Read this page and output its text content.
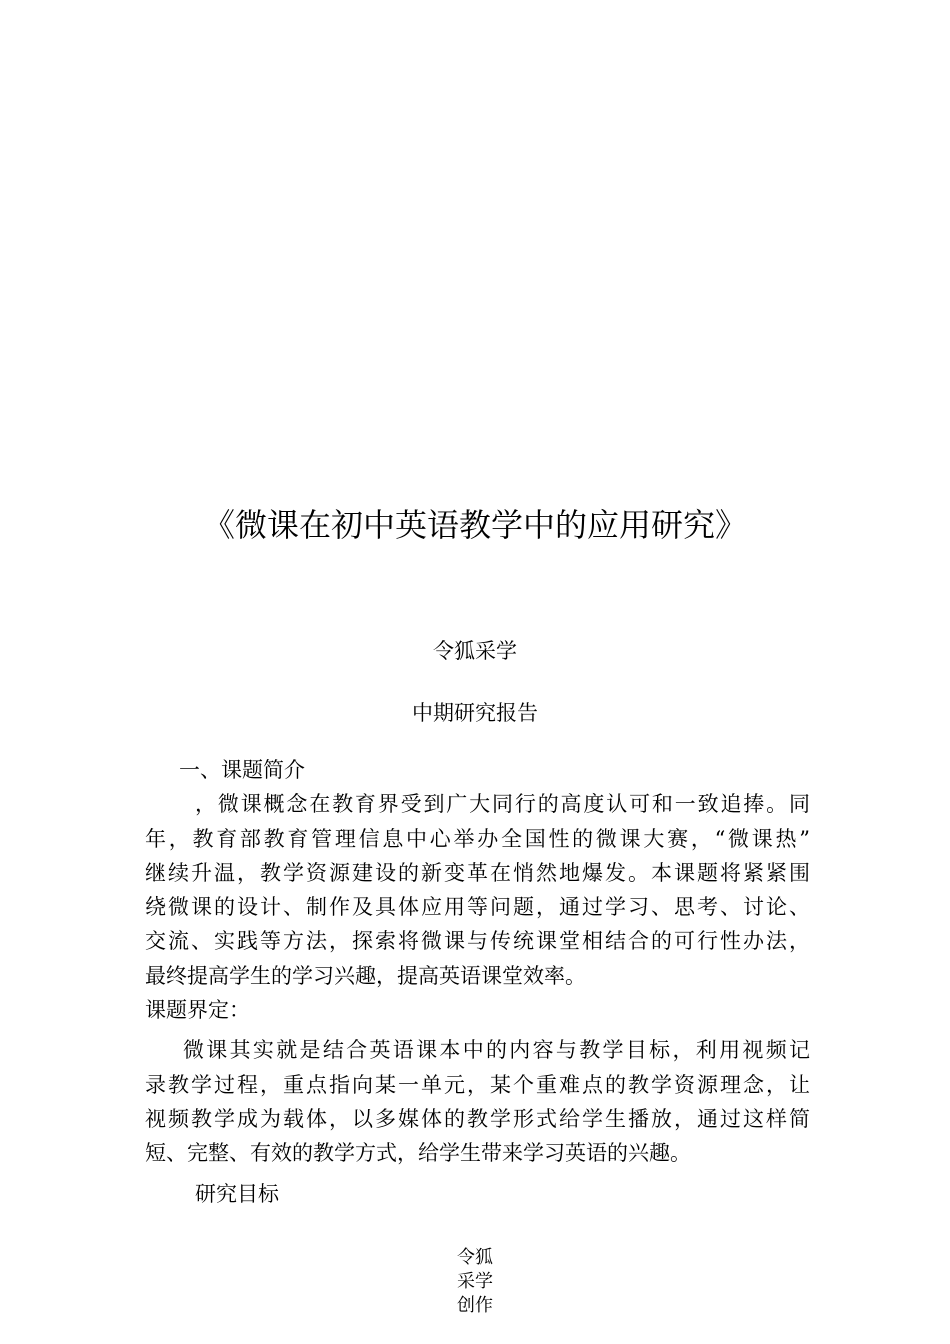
《微课在初中英语教学中的应用研究》
令狐采学
中期研究报告
一、课题简介
，微课概念在教育界受到广大同行的高度认可和一致追捧。同
年，教育部教育管理信息中心举办全国性的微课大赛，“微课热”
继续升温，教学资源建设的新变革在悄然地爆发。本课题将紧紧围
绕微课的设计、制作及具体应用等问题，通过学习、思考、讨论、
交流、实践等方法，探索将微课与传统课堂相结合的可行性办法，
最终提高学生的学习兴趣，提高英语课堂效率。
课题界定：
微课其实就是结合英语课本中的内容与教学目标，利用视频记
录教学过程，重点指向某一单元，某个重难点的教学资源理念，让
视频教学成为载体，以多媒体的教学形式给学生播放，通过这样简
短、完整、有效的教学方式，给学生带来学习英语的兴趣。
研究目标
令狐
采学
创作
